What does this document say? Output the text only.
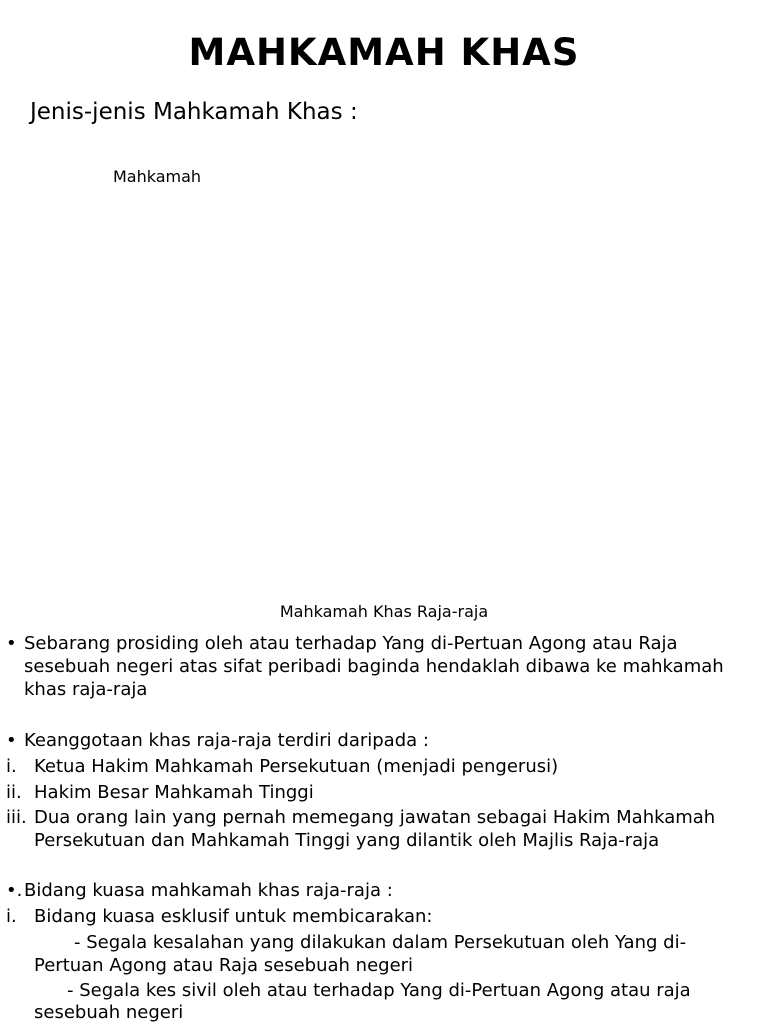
MAHKAMAH KHAS
Jenis-jenis Mahkamah Khas :
Mahkamah
Mahkamah Khas Raja-raja
• Sebarang prosiding oleh atau terhadap Yang di-Pertuan Agong atau Raja
sesebuah negeri atas sifat peribadi baginda hendaklah dibawa ke mahkamah
khas raja-raja
• Keanggotaan khas raja-raja terdiri daripada :
i. Ketua Hakim Mahkamah Persekutuan (menjadi pengerusi)
ii. Hakim Besar Mahkamah Tinggi
iii. Dua orang lain yang pernah memegang jawatan sebagai Hakim Mahkamah
Persekutuan dan Mahkamah Tinggi yang dilantik oleh Majlis Raja-raja
•. Bidang kuasa mahkamah khas raja-raja :
i. Bidang kuasa esklusif untuk membicarakan:
- Segala kesalahan yang dilakukan dalam Persekutuan oleh Yang di-
Pertuan Agong atau Raja sesebuah negeri
- Segala kes sivil oleh atau terhadap Yang di-Pertuan Agong atau raja
sesebuah negeri
